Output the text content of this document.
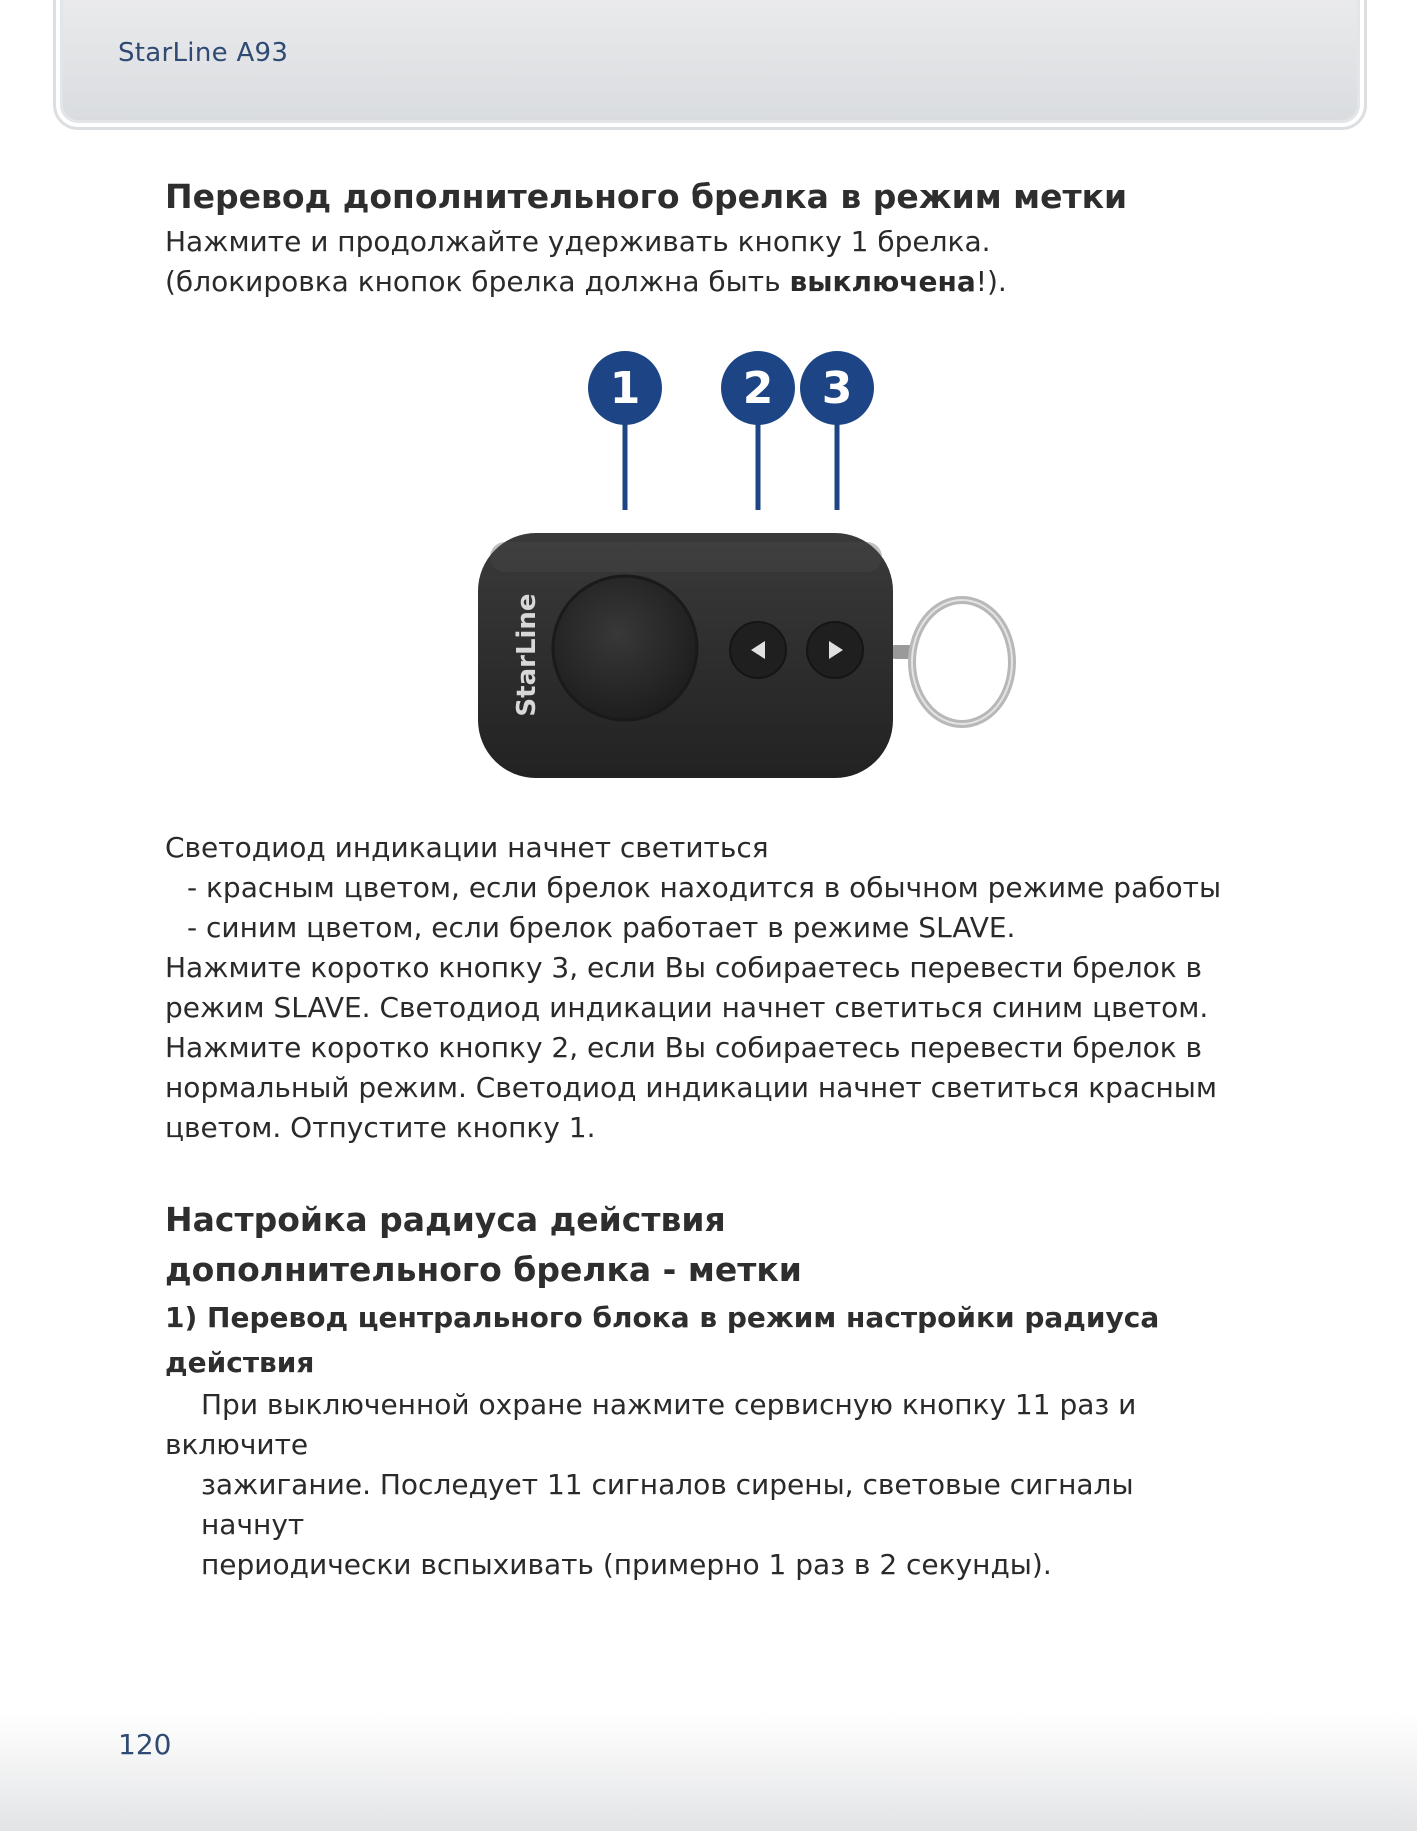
StarLine A93
Перевод дополнительного брелка в режим метки

Нажмите и продолжайте удерживать кнопку 1 брелка.

(блокировка кнопок брелка должна быть выключена!).

1 2 3
StarLine

Светодиод индикации начнет светиться

- красным цветом, если брелок находится в обычном режиме работы

- синим цветом, если брелок работает в режиме SLAVE.

Нажмите коротко кнопку 3, если Вы собираетесь перевести брелок в

режим SLAVE. Светодиод индикации начнет светиться синим цветом.

Нажмите коротко кнопку 2, если Вы собираетесь перевести брелок в

нормальный режим. Светодиод индикации начнет светиться красным

цветом. Отпустите кнопку 1.

Настройка радиуса действия
дополнительного брелка - метки
1) Перевод центрального блока в режим настройки радиуса
действия

При выключенной охране нажмите сервисную кнопку 11 раз и

включите

зажигание. Последует 11 сигналов сирены, световые сигналы начнут

периодически вспыхивать (примерно 1 раз в 2 секунды).

120
